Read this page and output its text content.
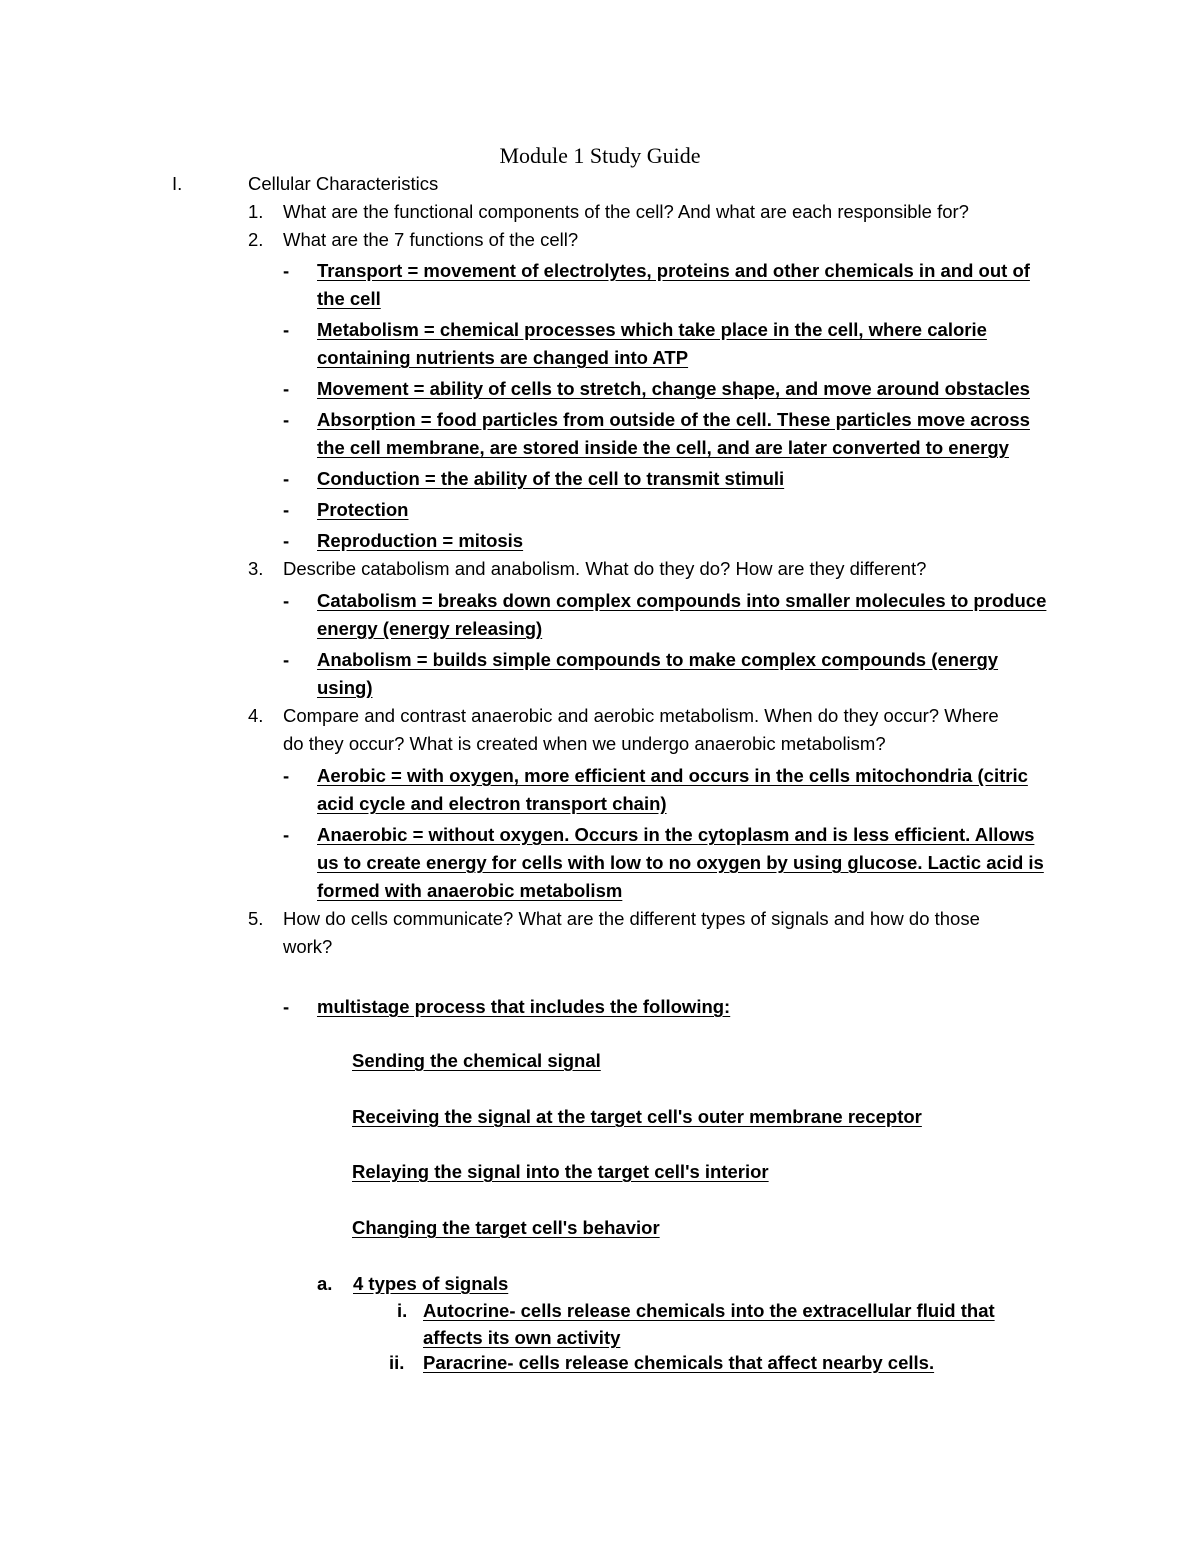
Module 1 Study Guide
I.	Cellular Characteristics
1. What are the functional components of the cell? And what are each responsible for?
2. What are the 7 functions of the cell?
- Transport = movement of electrolytes, proteins and other chemicals in and out of
the cell
- Metabolism = chemical processes which take place in the cell, where calorie
containing nutrients are changed into ATP
- Movement = ability of cells to stretch, change shape, and move around obstacles
- Absorption = food particles from outside of the cell. These particles move across
the cell membrane, are stored inside the cell, and are later converted to energy
- Conduction = the ability of the cell to transmit stimuli
- Protection
- Reproduction = mitosis
3. Describe catabolism and anabolism. What do they do? How are they different?
- Catabolism = breaks down complex compounds into smaller molecules to produce
energy (energy releasing)
- Anabolism = builds simple compounds to make complex compounds (energy
using)
4. Compare and contrast anaerobic and aerobic metabolism. When do they occur? Where
do they occur? What is created when we undergo anaerobic metabolism?
- Aerobic = with oxygen, more efficient and occurs in the cells mitochondria (citric
acid cycle and electron transport chain)
- Anaerobic = without oxygen. Occurs in the cytoplasm and is less efficient. Allows
us to create energy for cells with low to no oxygen by using glucose. Lactic acid is
formed with anaerobic metabolism
5. How do cells communicate? What are the different types of signals and how do those
work?
-	multistage process that includes the following:
Sending the chemical signal
Receiving the signal at the target cell's outer membrane receptor
Relaying the signal into the target cell's interior
Changing the target cell's behavior
a.	4 types of signals
i. Autocrine- cells release chemicals into the extracellular fluid that
affects its own activity
ii.	Paracrine- cells release chemicals that affect nearby cells.
